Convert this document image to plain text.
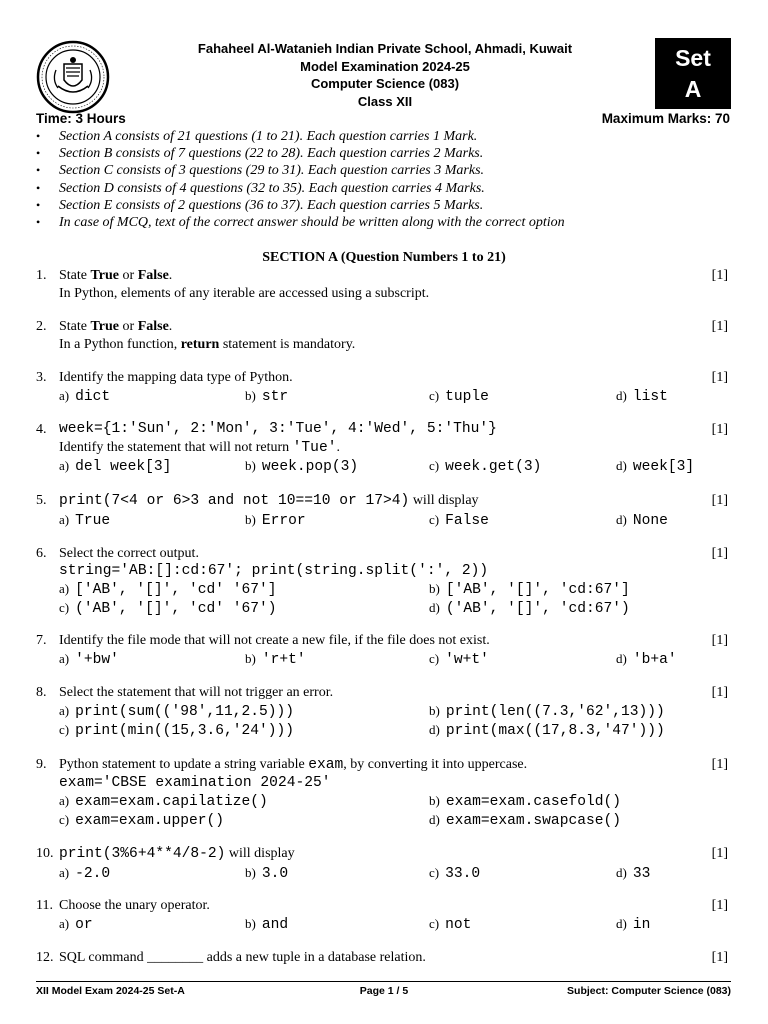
Fahaheel Al-Watanieh Indian Private School, Ahmadi, Kuwait
Model Examination 2024-25
Computer Science (083)
Class XII
Set
A
Time: 3 Hours	Maximum Marks: 70
• Section A consists of 21 questions (1 to 21). Each question carries 1 Mark.
• Section B consists of 7 questions (22 to 28). Each question carries 2 Marks.
• Section C consists of 3 questions (29 to 31). Each question carries 3 Marks.
• Section D consists of 4 questions (32 to 35). Each question carries 4 Marks.
• Section E consists of 2 questions (36 to 37). Each question carries 5 Marks.
• In case of MCQ, text of the correct answer should be written along with the correct option
SECTION A (Question Numbers 1 to 21)
1.	[1]
State True or False.
In Python, elements of any iterable are accessed using a subscript.
2.	[1]
State True or False.
In a Python function, return statement is mandatory.
3.	[1]
Identify the mapping data type of Python.
a) dict	b) str	c) tuple	d) list
4.	[1]
week={1:'Sun', 2:'Mon', 3:'Tue', 4:'Wed', 5:'Thu'}
Identify the statement that will not return 'Tue'.
a) del week[3]	b) week.pop(3)	c) week.get(3)	d) week[3]
5.	[1]
print(7<4 or 6>3 and not 10==10 or 17>4) will display
a) True	b) Error	c) False	d) None
6.	[1]
Select the correct output.
string='AB:[]:cd:67'; print(string.split(':', 2))
a) ['AB', '[]', 'cd' '67']	b) ['AB', '[]', 'cd:67']
c) ('AB', '[]', 'cd' '67')	d) ('AB', '[]', 'cd:67')
7.	[1]
Identify the file mode that will not create a new file, if the file does not exist.
a) '+bw'	b) 'r+t'	c) 'w+t'	d) 'b+a'
8.	[1]
Select the statement that will not trigger an error.
a) print(sum(('98',11,2.5)))	b) print(len((7.3,'62',13)))
c) print(min((15,3.6,'24')))	d) print(max((17,8.3,'47')))
9.	[1]
Python statement to update a string variable exam, by converting it into uppercase.
exam='CBSE examination 2024-25'
a) exam=exam.capilatize()	b) exam=exam.casefold()
c) exam=exam.upper()	d) exam=exam.swapcase()
10.	[1]
print(3%6+4**4/8-2) will display
a) -2.0	b) 3.0	c) 33.0	d) 33
11.	[1]
Choose the unary operator.
a) or	b) and	c) not	d) in
12.	[1]
SQL command ________ adds a new tuple in a database relation.
XII Model Exam 2024-25 Set-A	Page 1 / 5	Subject: Computer Science (083)
